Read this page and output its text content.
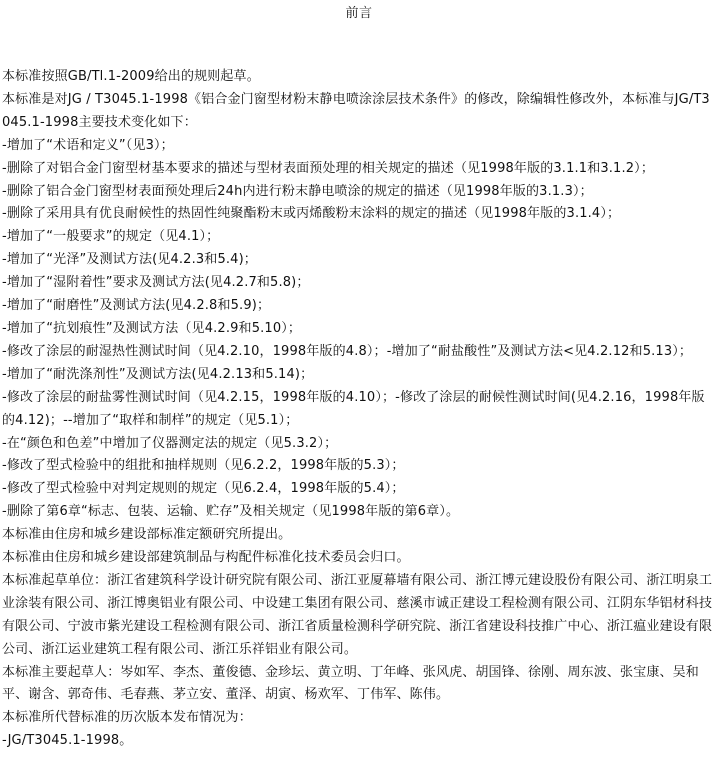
前言

本标准按照GB/Tl.1-2009给出的规则起草。

本标准是对JG / T3045.1-1998《铝合金门窗型材粉末静电喷涂涂层技术条件》的修改，除编辑性修改外，本标准与JG/T3045.1-1998主要技术变化如下：

-增加了“术语和定义”（见3）；

-删除了对铝合金门窗型材基本要求的描述与型材表面预处理的相关规定的描述（见1998年版的3.1.1和3.1.2）；

-删除了铝合金门窗型材表面预处理后24h内进行粉末静电喷涂的规定的描述（见1998年版的3.1.3）；

-删除了采用具有优良耐候性的热固性纯聚酯粉末或丙烯酸粉末涂料的规定的描述（见1998年版的3.1.4）；

-增加了“一般要求”的规定（见4.1）；

-增加了“光泽”及测试方法(见4.2.3和5.4)；

-增加了“湿附着性”要求及测试方法(见4.2.7和5.8)；

-增加了“耐磨性”及测试方法(见4.2.8和5.9)；

-增加了“抗划痕性”及测试方法（见4.2.9和5.10）；

-修改了涂层的耐湿热性测试时间（见4.2.10，1998年版的4.8）；-增加了“耐盐酸性”及测试方法<见4.2.12和5.13）；

-增加了“耐洗涤剂性”及测试方法(见4.2.13和5.14)；

-修改了涂层的耐盐雾性测试时间（见4.2.15，1998年版的4.10）；-修改了涂层的耐候性测试时间(见4.2.16，1998年版的4.12)；--增加了“取样和制样”的规定（见5.1）；

-在“颜色和色差”中增加了仪器测定法的规定（见5.3.2）；

-修改了型式检验中的组批和抽样规则（见6.2.2，1998年版的5.3）；

-修改了型式检验中对判定规则的规定（见6.2.4，1998年版的5.4）；

-删除了第6章“标志、包装、运输、贮存”及相关规定（见1998年版的第6章）。

本标准由住房和城乡建设部标准定额研究所提出。

本标准由住房和城乡建设部建筑制品与构配件标准化技术委员会归口。

本标准起草单位：浙江省建筑科学设计研究院有限公司、浙江亚厦幕墙有限公司、浙江博元建设股份有限公司、浙江明泉工业涂装有限公司、浙江博奥铝业有限公司、中设建工集团有限公司、慈溪市诚正建设工程检测有限公司、江阴东华铝材科技有限公司、宁波市紫光建设工程检测有限公司、浙江省质量检测科学研究院、浙江省建设科技推广中心、浙江瘟业建设有限公司、浙江运业建筑工程有限公司、浙江乐祥铝业有限公司。

本标准主要起草人：岑如军、李杰、董俊德、金珍坛、黄立明、丁年峰、张风虎、胡国锋、徐刚、周东波、张宝康、吴和平、谢含、郭奇伟、毛春燕、茅立安、董泽、胡寅、杨欢军、丁伟军、陈伟。

本标准所代替标准的历次版本发布情况为：

-JG/T3045.1-1998。
